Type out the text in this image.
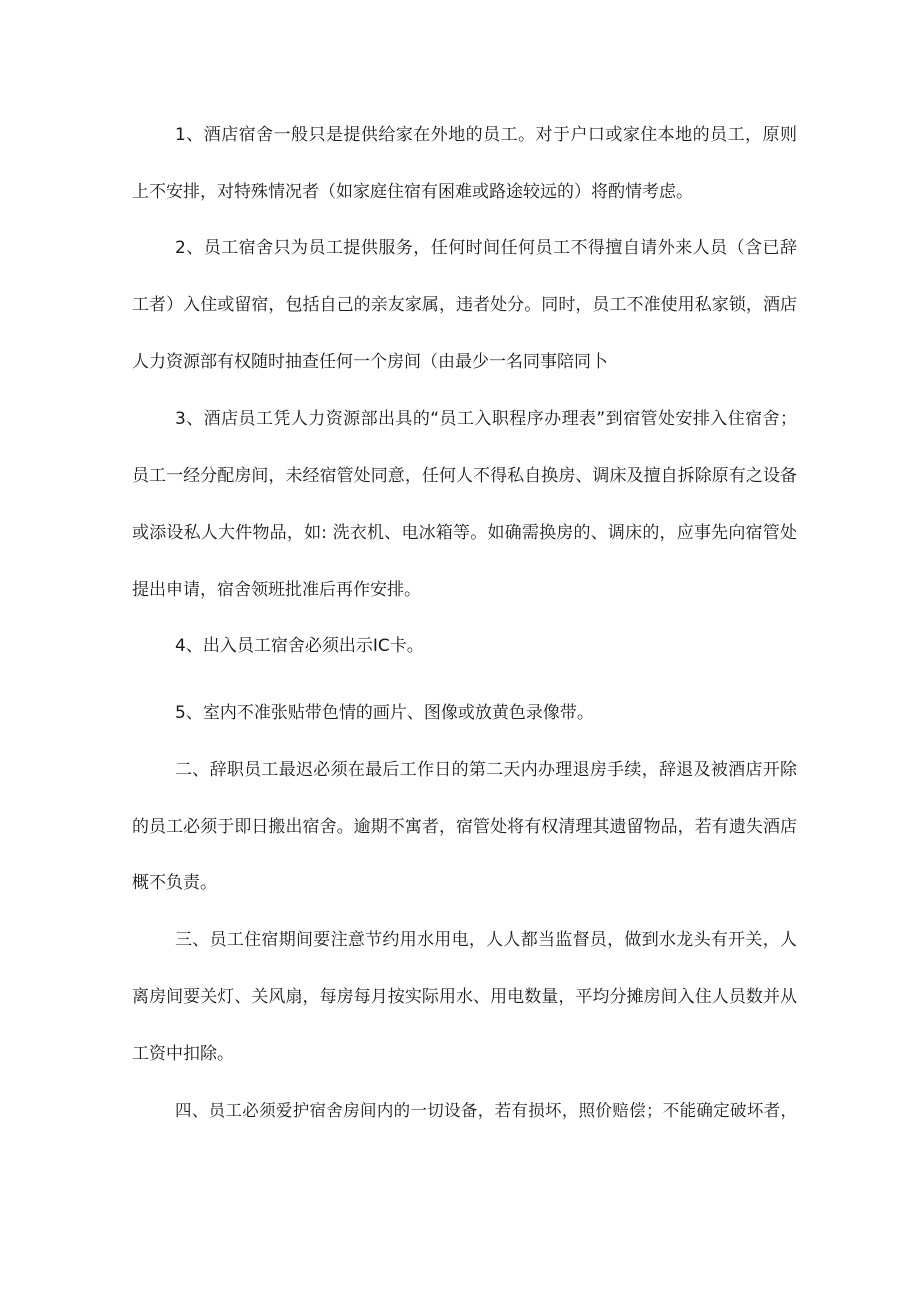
1、酒店宿舍一般只是提供给家在外地的员工。对于户口或家住本地的员工，原则

上不安排，对特殊情况者（如家庭住宿有困难或路途较远的）将酌情考虑。

2、员工宿舍只为员工提供服务，任何时间任何员工不得擅自请外来人员（含已辞

工者）入住或留宿，包括自己的亲友家属，违者处分。同时，员工不准使用私家锁，酒店

人力资源部有权随时抽查任何一个房间（由最少一名同事陪同卜

3、酒店员工凭人力资源部出具的“员工入职程序办理表”到宿管处安排入住宿舍；

员工一经分配房间，未经宿管处同意，任何人不得私自换房、调床及擅自拆除原有之设备

或添设私人大件物品，如: 洗衣机、电冰箱等。如确需换房的、调床的，应事先向宿管处

提出申请，宿舍领班批准后再作安排。

4、出入员工宿舍必须出示IC卡。

5、室内不准张贴带色情的画片、图像或放黄色录像带。

二、辞职员工最迟必须在最后工作日的第二天内办理退房手续，辞退及被酒店开除

的员工必须于即日搬出宿舍。逾期不寓者，宿管处将有权清理其遗留物品，若有遗失酒店

概不负责。

三、员工住宿期间要注意节约用水用电，人人都当监督员，做到水龙头有开关，人

离房间要关灯、关风扇，每房每月按实际用水、用电数量，平均分摊房间入住人员数并从

工资中扣除。

四、员工必须爱护宿舍房间内的一切设备，若有损坏，照价赔偿；不能确定破坏者，
